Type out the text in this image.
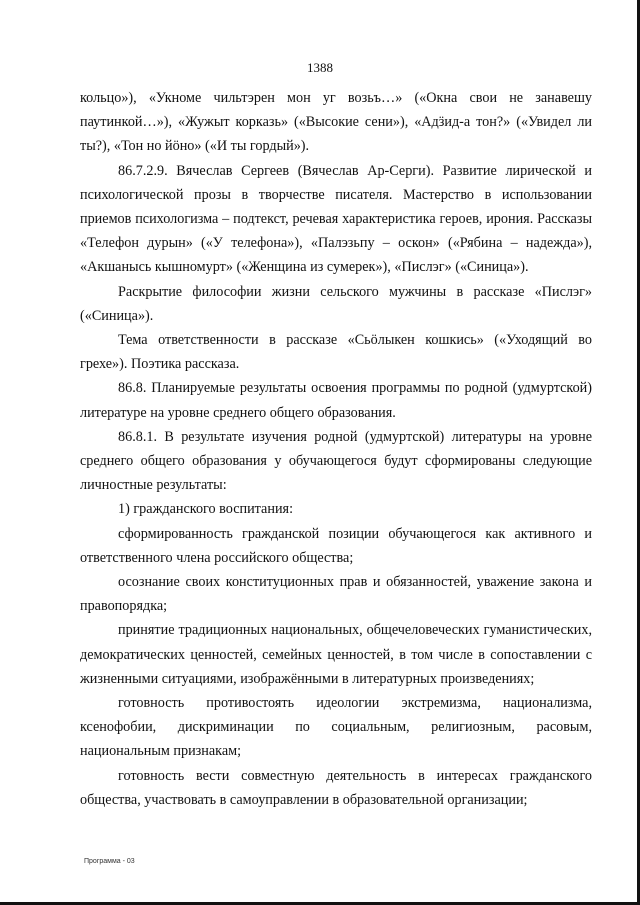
1388

кольцо»), «Укноме чильтэрен мон уг возьъ…» («Окна свои не занавешу паутинкой…»), «Жужыт корказь» («Высокие сени»), «Адӟид-а тон?» («Увидел ли ты?), «Тон но йöно» («И ты гордый»).

86.7.2.9. Вячеслав Сергеев (Вячеслав Ар-Серги). Развитие лирической и психологической прозы в творчестве писателя. Мастерство в использовании приемов психологизма – подтекст, речевая характеристика героев, ирония. Рассказы «Телефон дурын» («У телефона»), «Палэзьпу – оскон» («Рябина – надежда»), «Акшанысь кышномурт» («Женщина из сумерек»), «Пислэг» («Синица»).

Раскрытие философии жизни сельского мужчины в рассказе «Пислэг» («Синица»).

Тема ответственности в рассказе «Сьöлыкен кошкись» («Уходящий во грехе»). Поэтика рассказа.

86.8. Планируемые результаты освоения программы по родной (удмуртской) литературе на уровне среднего общего образования.

86.8.1. В результате изучения родной (удмуртской) литературы на уровне среднего общего образования у обучающегося будут сформированы следующие личностные результаты:

1) гражданского воспитания:

сформированность гражданской позиции обучающегося как активного и ответственного члена российского общества;

осознание своих конституционных прав и обязанностей, уважение закона и правопорядка;

принятие традиционных национальных, общечеловеческих гуманистических, демократических ценностей, семейных ценностей, в том числе в сопоставлении с жизненными ситуациями, изображёнными в литературных произведениях;

готовность противостоять идеологии экстремизма, национализма, ксенофобии, дискриминации по социальным, религиозным, расовым, национальным признакам;

готовность вести совместную деятельность в интересах гражданского общества, участвовать в самоуправлении в образовательной организации;

Программа - 03
